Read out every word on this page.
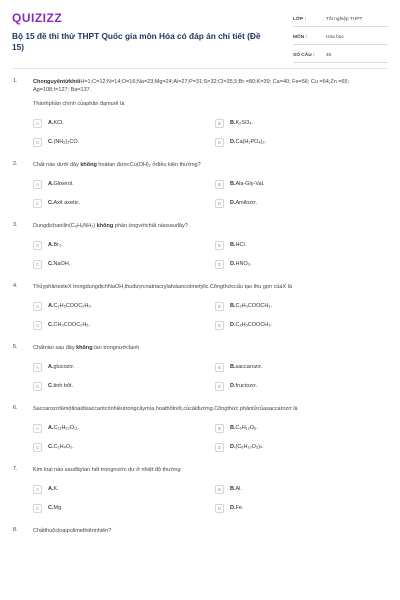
QUIZIZZ
Bộ 15 đề thi thử THPT Quốc gia môn Hóa có đáp án chi tiết (Đề 15)
LỚP :	Tốt nghiệp THPT
MÔN :	Hóa học
SỐ CÂU :	40
1.	ChonguyêntửkhốiH=1;C=12;N=14;O=16;Na=23;Mg=24;Al=27;P=31;S=32;Cl=35,5;Br =80;K=39; Ca=40; Fe=56; Cu =64;Zn =65; Ag=108;I=127; Ba=137.
Thànhphần chính củaphân đạmurê là
A	A.KCl.	B	B.K₂SO₄.
C	C.(NH₂)₂CO.	D	D.Ca(H₂PO₄)₂.
2.	Chất nào dưới đây không hoàtan đượcCu(OH)₂ ởđiều kiện thường?
A	A.Glixerol.	B	B.Ala-Gly-Val.
C	C.Axit axetic.	D	D.Amilozơ.
3.	Dungdịchanilin(C₆H₅NH₂) không phản ứngvớichất nàosauđây?
A	A.Br₂.	B	B.HCl.
C	C.NaOH.	D	D.HNO₃.
4.	ThủyphânesteX trongdungdịchNaOH,thuđượcnatriacrylatvàancolmetylic.Côngthứccấu tạo thu gọn củaX là
A	A.C₂H₅COOC₂H₅.	B	B.C₂H₃COOCH₃.
C	C.CH₃COOC₂H₅.	D	D.C₂H₅COOCH₃.
5.	Chấtnào sau đây không tan trongnướclạnh
A	A.glucozơ.	B	B.saccarozơ.
C	C.tinh bột.	D	D.fructozơ.
6.	Saccarozơlàmộtloạiđisaccaritcónhiềutrongcâymía,hoathốtnốt,củcảiđường.Côngthức phântửcủasaccarozơ là
A	A.C₁₂H₂₂O₁₁.	B	B.C₆H₁₂O₆.
C	C.C₂H₄O₂.	D	D.(C₆H₁₀O₅)ₙ.
7.	Kim loại nào sauđâytan hết trongnước dư ở nhiệt độ thường
A	A.K.	B	B.Al.
C	C.Mg.	D	D.Fe.
8.	Chấtthuộcloạipolimethiênnhiên?
